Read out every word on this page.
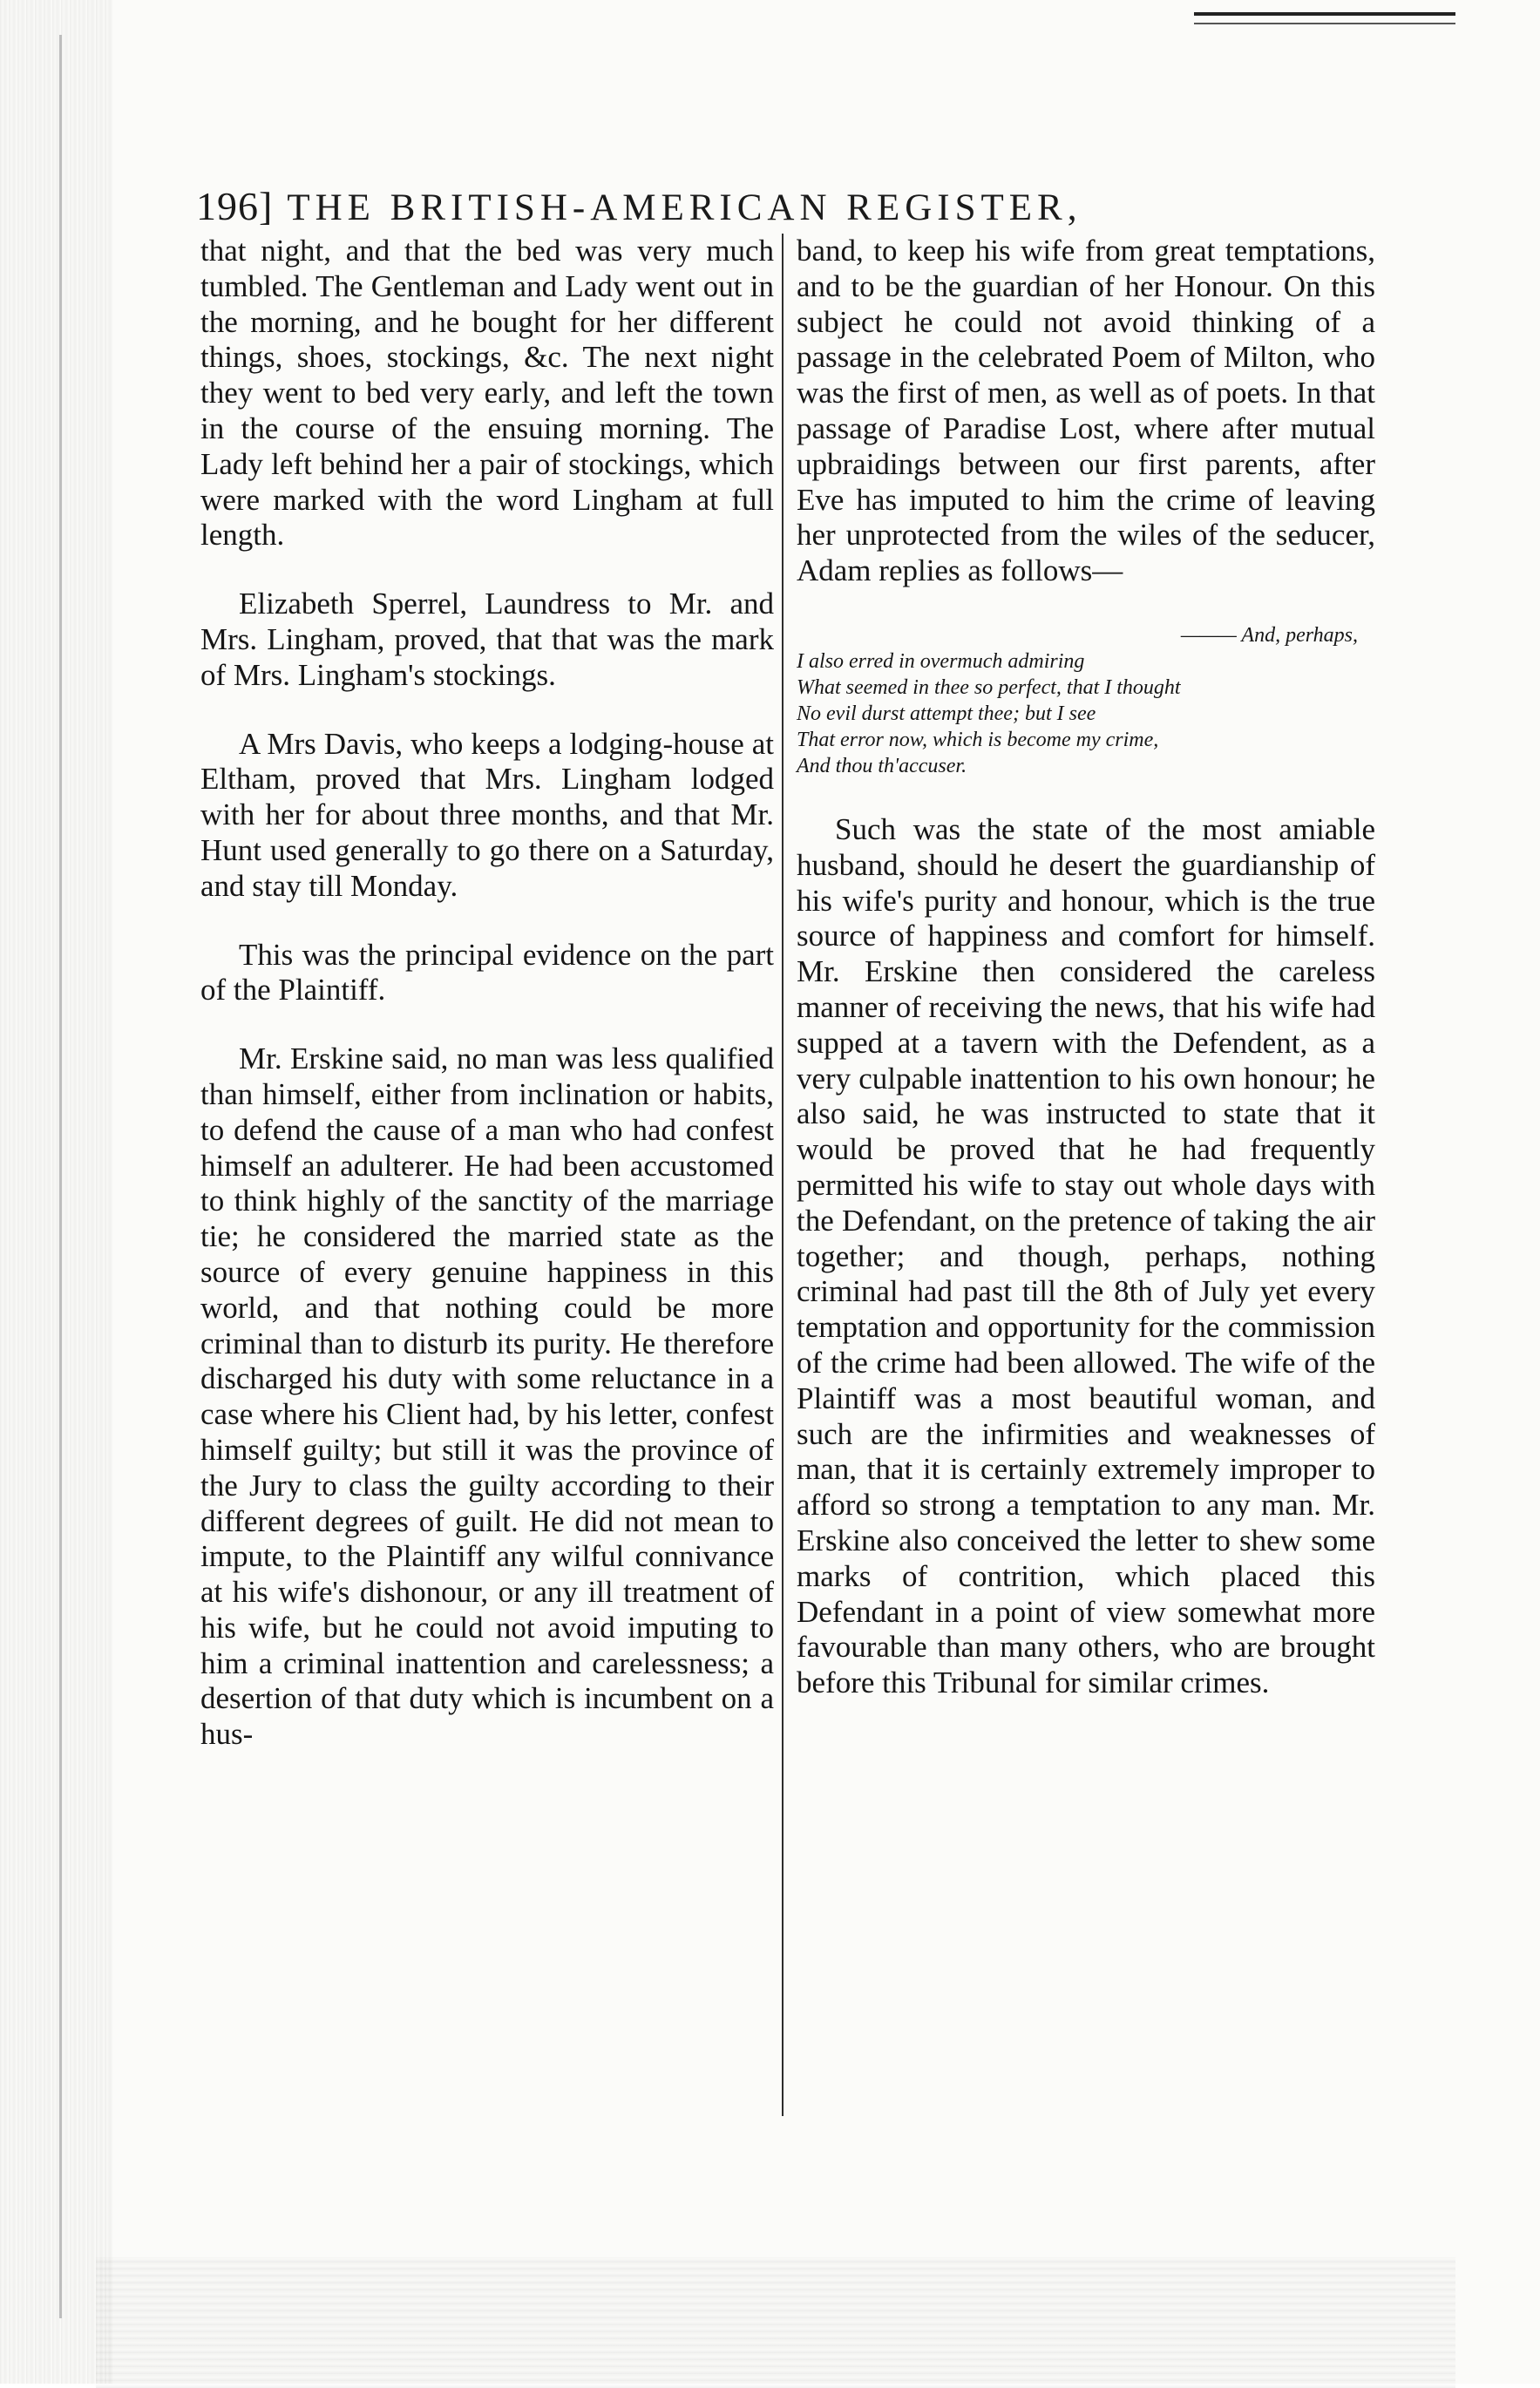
196] THE BRITISH-AMERICAN REGISTER,

that night, and that the bed was very much tumbled. The Gentleman and Lady went out in the morning, and he bought for her different things, shoes, stockings, &c. The next night they went to bed very early, and left the town in the course of the ensuing morning. The Lady left behind her a pair of stockings, which were marked with the word Lingham at full length.

Elizabeth Sperrel, Laundress to Mr. and Mrs. Lingham, proved, that that was the mark of Mrs. Lingham's stockings.

A Mrs Davis, who keeps a lodging-house at Eltham, proved that Mrs. Lingham lodged with her for about three months, and that Mr. Hunt used generally to go there on a Saturday, and stay till Monday.

This was the principal evidence on the part of the Plaintiff.

Mr. Erskine said, no man was less qualified than himself, either from inclination or habits, to defend the cause of a man who had confest himself an adulterer. He had been accustomed to think highly of the sanctity of the marriage tie; he considered the married state as the source of every genuine happiness in this world, and that nothing could be more criminal than to disturb its purity. He therefore discharged his duty with some reluctance in a case where his Client had, by his letter, confest himself guilty; but still it was the province of the Jury to class the guilty according to their different degrees of guilt. He did not mean to impute, to the Plaintiff any wilful connivance at his wife's dishonour, or any ill treatment of his wife, but he could not avoid imputing to him a criminal inattention and carelessness; a desertion of that duty which is incumbent on a hus-

band, to keep his wife from great temptations, and to be the guardian of her Honour. On this subject he could not avoid thinking of a passage in the celebrated Poem of Milton, who was the first of men, as well as of poets. In that passage of Paradise Lost, where after mutual upbraidings between our first parents, after Eve has imputed to him the crime of leaving her unprotected from the wiles of the seducer, Adam replies as follows—

——— And, perhaps,
I also erred in overmuch admiring
What seemed in thee so perfect, that I thought
No evil durst attempt thee; but I see
That error now, which is become my crime,
And thou th'accuser.

Such was the state of the most amiable husband, should he desert the guardianship of his wife's purity and honour, which is the true source of happiness and comfort for himself. Mr. Erskine then considered the careless manner of receiving the news, that his wife had supped at a tavern with the Defendent, as a very culpable inattention to his own honour; he also said, he was instructed to state that it would be proved that he had frequently permitted his wife to stay out whole days with the Defendant, on the pretence of taking the air together; and though, perhaps, nothing criminal had past till the 8th of July yet every temptation and opportunity for the commission of the crime had been allowed. The wife of the Plaintiff was a most beautiful woman, and such are the infirmities and weaknesses of man, that it is certainly extremely improper to afford so strong a temptation to any man. Mr. Erskine also conceived the letter to shew some marks of contrition, which placed this Defendant in a point of view somewhat more favourable than many others, who are brought before this Tribunal for similar crimes.
